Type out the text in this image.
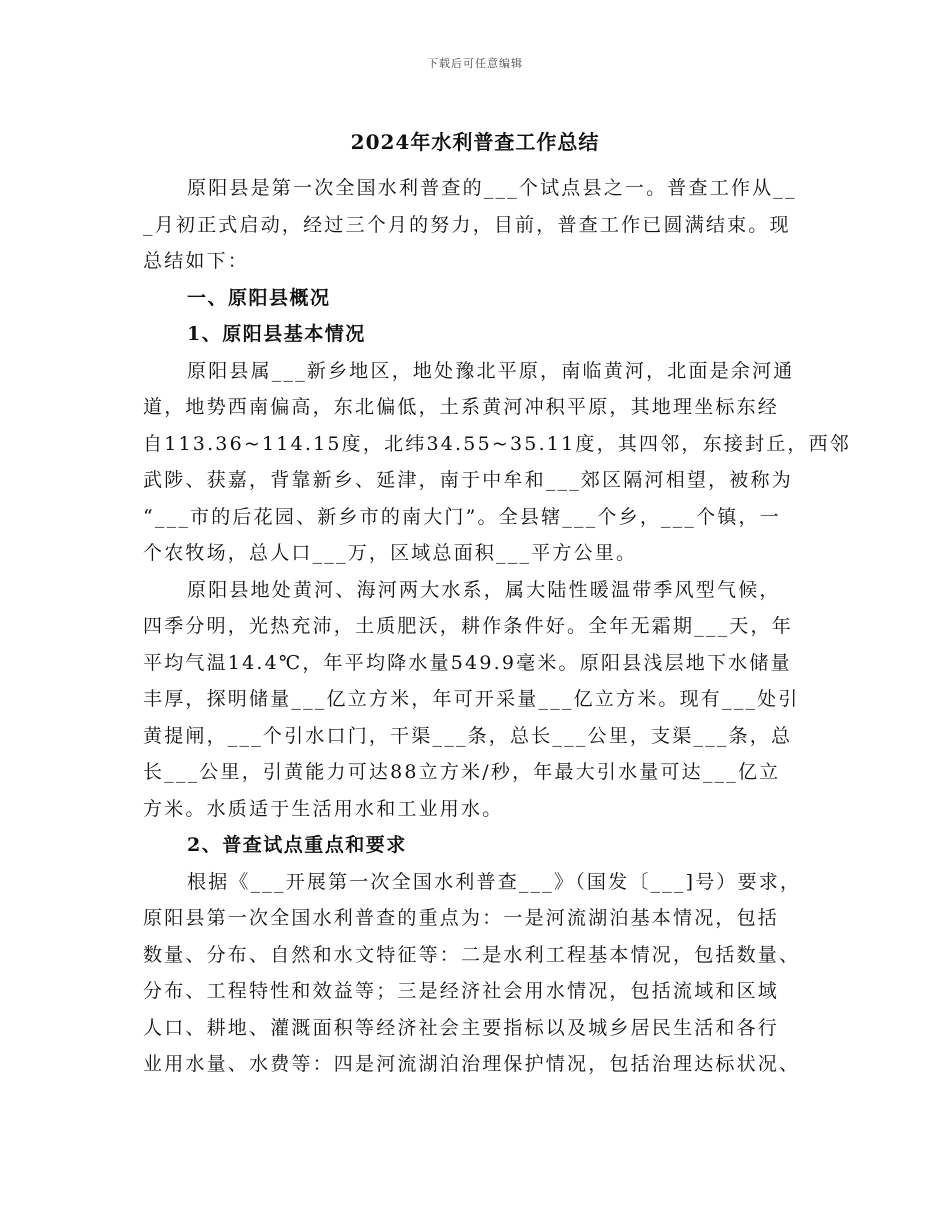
下载后可任意编辑
2024年水利普查工作总结
原阳县是第一次全国水利普查的___个试点县之一。普查工作从__
_月初正式启动，经过三个月的努力，目前，普查工作已圆满结束。现
总结如下：
一、原阳县概况
1、原阳县基本情况
原阳县属___新乡地区，地处豫北平原，南临黄河，北面是余河通
道，地势西南偏高，东北偏低，土系黄河冲积平原，其地理坐标东经
自113.36~114.15度，北纬34.55~35.11度，其四邻，东接封丘，西邻
武陟、获嘉，背靠新乡、延津，南于中牟和___郊区隔河相望，被称为
“___市的后花园、新乡市的南大门”。全县辖___个乡，___个镇，一
个农牧场，总人口___万，区域总面积___平方公里。
原阳县地处黄河、海河两大水系，属大陆性暖温带季风型气候，
四季分明，光热充沛，土质肥沃，耕作条件好。全年无霜期___天，年
平均气温14.4℃，年平均降水量549.9毫米。原阳县浅层地下水储量
丰厚，探明储量___亿立方米，年可开采量___亿立方米。现有___处引
黄提闸，___个引水口门，干渠___条，总长___公里，支渠___条，总
长___公里，引黄能力可达88立方米/秒，年最大引水量可达___亿立
方米。水质适于生活用水和工业用水。
2、普查试点重点和要求
根据《___开展第一次全国水利普查___》（国发〔___]号）要求，
原阳县第一次全国水利普查的重点为：一是河流湖泊基本情况，包括
数量、分布、自然和水文特征等：二是水利工程基本情况，包括数量、
分布、工程特性和效益等；三是经济社会用水情况，包括流域和区域
人口、耕地、灌溉面积等经济社会主要指标以及城乡居民生活和各行
业用水量、水费等：四是河流湖泊治理保护情况，包括治理达标状况、
